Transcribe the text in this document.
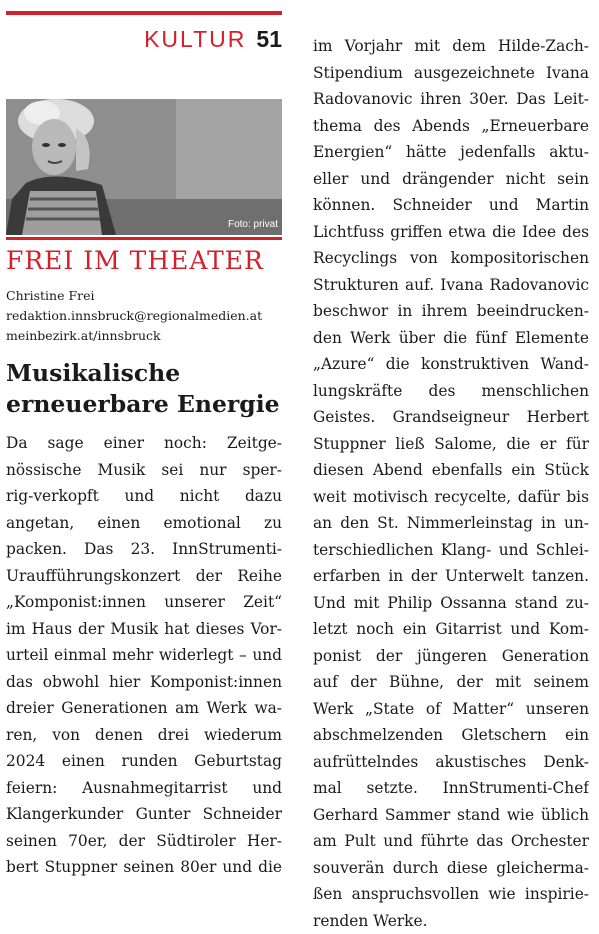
KULTUR 51
Foto: privat
FREI IM THEATER
Christine Frei
redaktion.innsbruck@regionalmedien.at
meinbezirk.at/innsbruck
Musikalische
erneuerbare Energie
Da sage einer noch: Zeitge-
nössische Musik sei nur sper-
rig-verkopft und nicht dazu
angetan, einen emotional zu
packen. Das 23. InnStrumenti-
Uraufführungskonzert der Reihe
„Komponist:innen unserer Zeit“
im Haus der Musik hat dieses Vor-
urteil einmal mehr widerlegt – und
das obwohl hier Komponist:innen
dreier Generationen am Werk wa-
ren, von denen drei wiederum
2024 einen runden Geburtstag
feiern: Ausnahmegitarrist und
Klangerkunder Gunter Schneider
seinen 70er, der Südtiroler Her-
bert Stuppner seinen 80er und die
im Vorjahr mit dem Hilde-Zach-
Stipendium ausgezeichnete Ivana
Radovanovic ihren 30er. Das Leit-
thema des Abends „Erneuerbare
Energien“ hätte jedenfalls aktu-
eller und drängender nicht sein
können. Schneider und Martin
Lichtfuss griffen etwa die Idee des
Recyclings von kompositorischen
Strukturen auf. Ivana Radovanovic
beschwor in ihrem beeindrucken-
den Werk über die fünf Elemente
„Azure“ die konstruktiven Wand-
lungskräfte des menschlichen
Geistes. Grandseigneur Herbert
Stuppner ließ Salome, die er für
diesen Abend ebenfalls ein Stück
weit motivisch recycelte, dafür bis
an den St. Nimmerleinstag in un-
terschiedlichen Klang- und Schlei-
erfarben in der Unterwelt tanzen.
Und mit Philip Ossanna stand zu-
letzt noch ein Gitarrist und Kom-
ponist der jüngeren Generation
auf der Bühne, der mit seinem
Werk „State of Matter“ unseren
abschmelzenden Gletschern ein
aufrüttelndes akustisches Denk-
mal setzte. InnStrumenti-Chef
Gerhard Sammer stand wie üblich
am Pult und führte das Orchester
souverän durch diese gleicherma-
ßen anspruchsvollen wie inspirie-
renden Werke.
